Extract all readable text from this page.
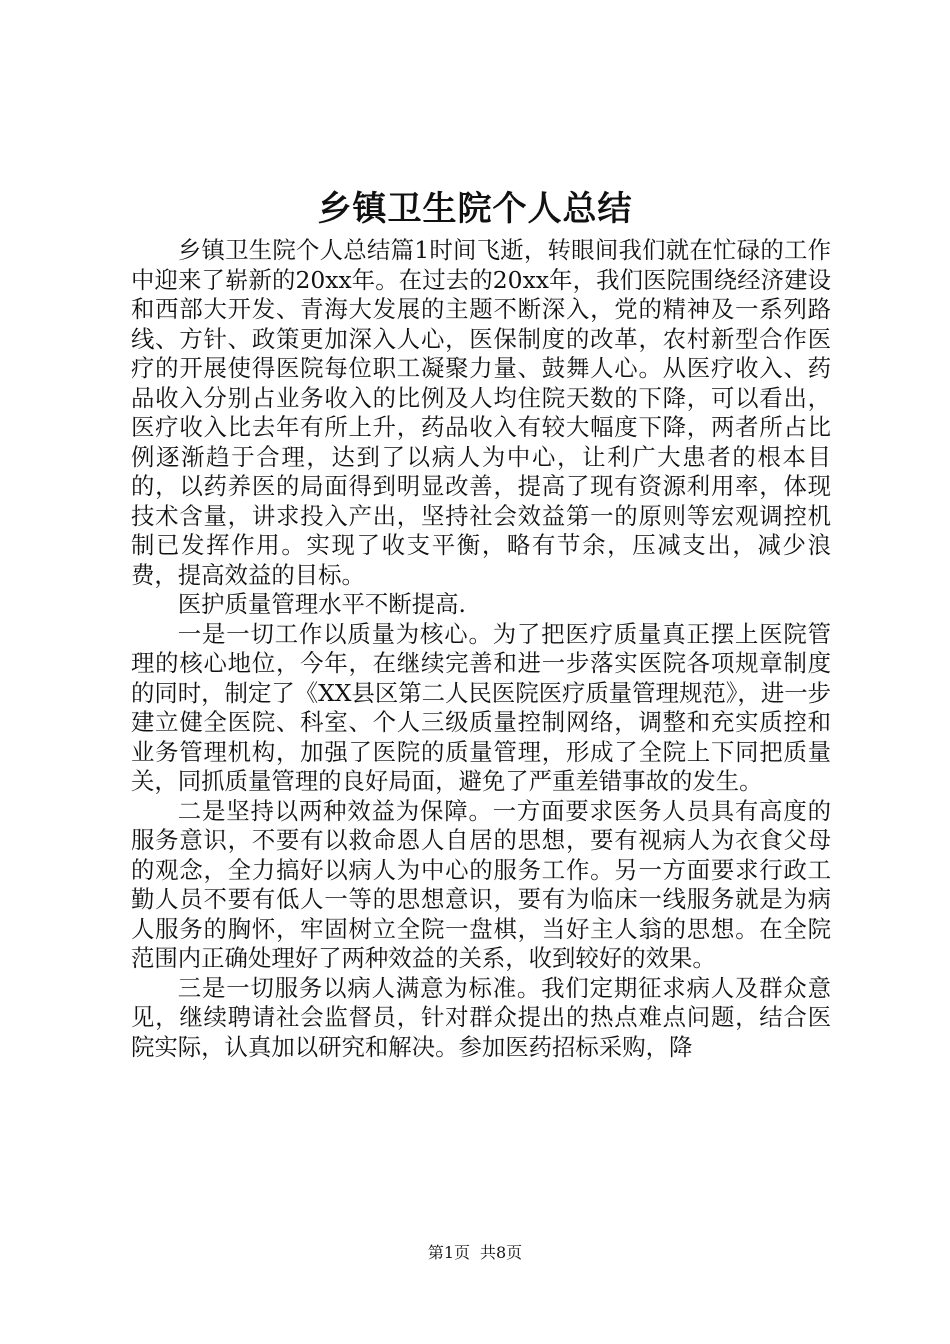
乡镇卫生院个人总结

乡镇卫生院个人总结篇1时间飞逝，转眼间我们就在忙碌的工作中迎来了崭新的20xx年。在过去的20xx年，我们医院围绕经济建设和西部大开发、青海大发展的主题不断深入，党的精神及一系列路线、方针、政策更加深入人心，医保制度的改革，农村新型合作医疗的开展使得医院每位职工凝聚力量、鼓舞人心。从医疗收入、药品收入分别占业务收入的比例及人均住院天数的下降，可以看出，医疗收入比去年有所上升，药品收入有较大幅度下降，两者所占比例逐渐趋于合理，达到了以病人为中心，让利广大患者的根本目的，以药养医的局面得到明显改善，提高了现有资源利用率，体现技术含量，讲求投入产出，坚持社会效益第一的原则等宏观调控机制已发挥作用。实现了收支平衡，略有节余，压减支出，减少浪费，提高效益的目标。

医护质量管理水平不断提高.

一是一切工作以质量为核心。为了把医疗质量真正摆上医院管理的核心地位，今年，在继续完善和进一步落实医院各项规章制度的同时，制定了《XX县区第二人民医院医疗质量管理规范》，进一步建立健全医院、科室、个人三级质量控制网络，调整和充实质控和业务管理机构，加强了医院的质量管理，形成了全院上下同把质量关，同抓质量管理的良好局面，避免了严重差错事故的发生。

二是坚持以两种效益为保障。一方面要求医务人员具有高度的服务意识，不要有以救命恩人自居的思想，要有视病人为衣食父母的观念，全力搞好以病人为中心的服务工作。另一方面要求行政工勤人员不要有低人一等的思想意识，要有为临床一线服务就是为病人服务的胸怀，牢固树立全院一盘棋，当好主人翁的思想。在全院范围内正确处理好了两种效益的关系，收到较好的效果。

三是一切服务以病人满意为标准。我们定期征求病人及群众意见，继续聘请社会监督员，针对群众提出的热点难点问题，结合医院实际，认真加以研究和解决。参加医药招标采购，降

第1页 共8页
